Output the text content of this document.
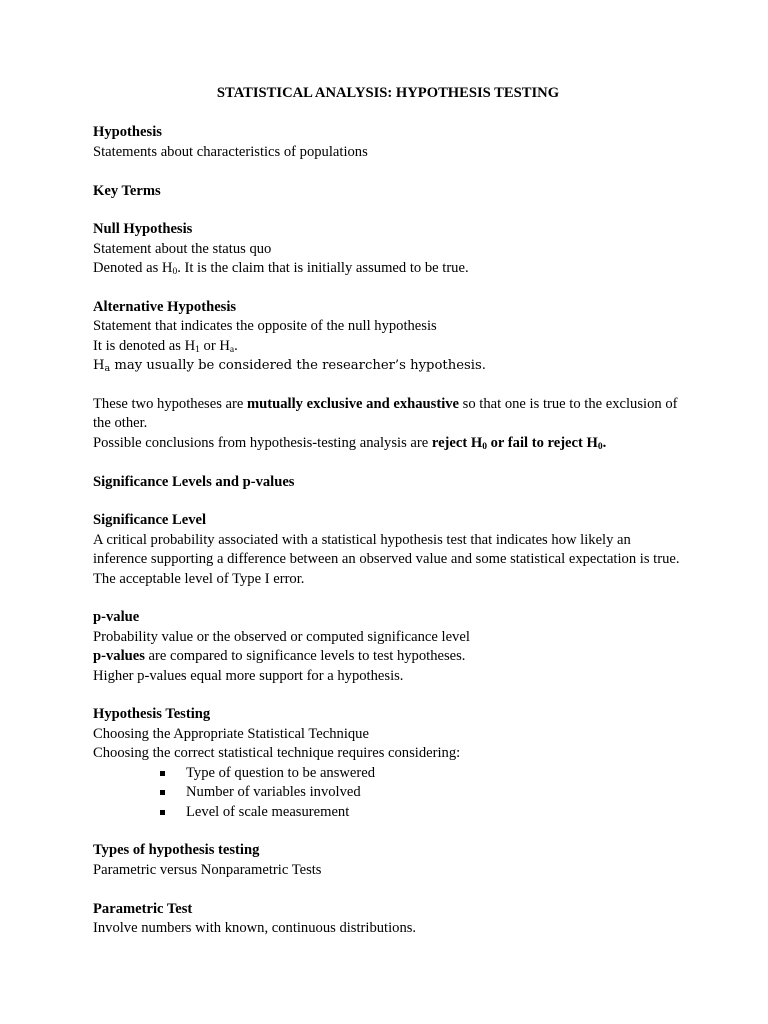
STATISTICAL ANALYSIS: HYPOTHESIS TESTING
Hypothesis
Statements about characteristics of populations
Key Terms
Null Hypothesis
Statement about the status quo
Denoted as $H_0$. It is the claim that is initially assumed to be true.
Alternative Hypothesis
Statement that indicates the opposite of the null hypothesis
It is denoted as $H_1$ or $H_a$.
$H_a$ may usually be considered the researcher’s hypothesis.
These two hypotheses are mutually exclusive and exhaustive so that one is true to the exclusion of the other.
Possible conclusions from hypothesis-testing analysis are reject $H_0$ or fail to reject $H_0$.
Significance Levels and p-values
Significance Level
A critical probability associated with a statistical hypothesis test that indicates how likely an inference supporting a difference between an observed value and some statistical expectation is true. The acceptable level of Type I error.
p-value
Probability value or the observed or computed significance level
p-values are compared to significance levels to test hypotheses.
Higher p-values equal more support for a hypothesis.
Hypothesis Testing
Choosing the Appropriate Statistical Technique
Choosing the correct statistical technique requires considering:
Type of question to be answered
Number of variables involved
Level of scale measurement
Types of hypothesis testing
Parametric versus Nonparametric Tests
Parametric Test
Involve numbers with known, continuous distributions.
